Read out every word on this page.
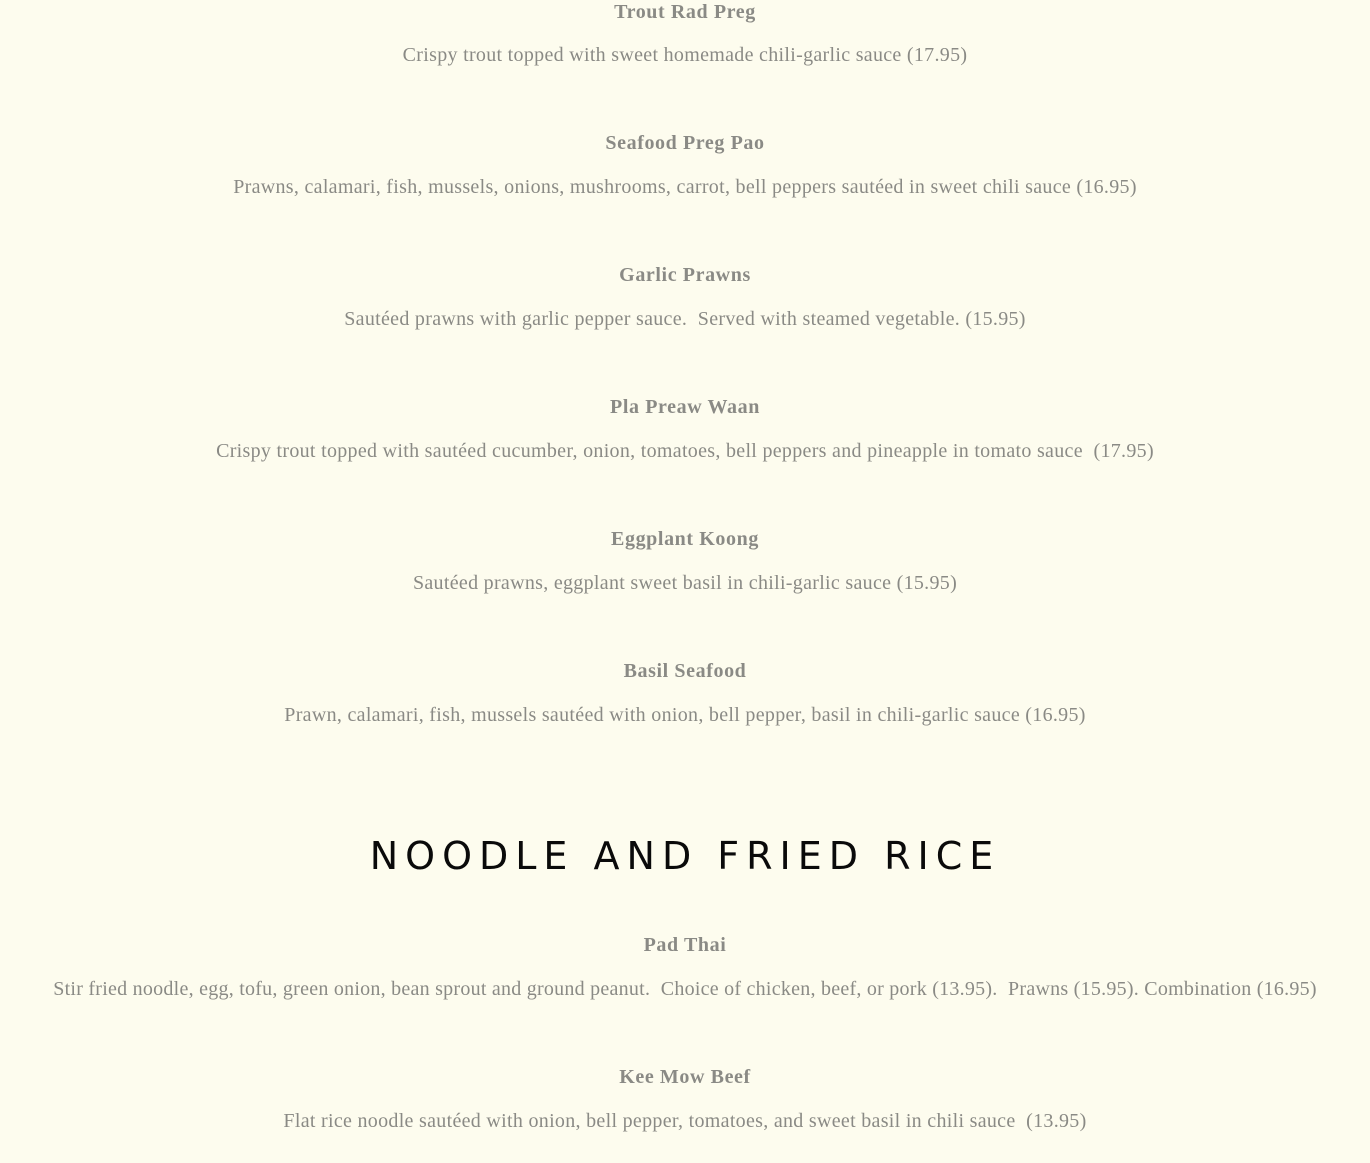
Trout Rad Preg
Crispy trout topped with sweet homemade chili-garlic sauce (17.95)
Seafood Preg Pao
Prawns, calamari, fish, mussels, onions, mushrooms, carrot, bell peppers sautéed in sweet chili sauce (16.95)
Garlic Prawns
Sautéed prawns with garlic pepper sauce.  Served with steamed vegetable. (15.95)
Pla Preaw Waan
Crispy trout topped with sautéed cucumber, onion, tomatoes, bell peppers and pineapple in tomato sauce  (17.95)
Eggplant Koong
Sautéed prawns, eggplant sweet basil in chili-garlic sauce (15.95)
Basil Seafood
Prawn, calamari, fish, mussels sautéed with onion, bell pepper, basil in chili-garlic sauce (16.95)
NOODLE AND FRIED RICE
Pad Thai
Stir fried noodle, egg, tofu, green onion, bean sprout and ground peanut.  Choice of chicken, beef, or pork (13.95).  Prawns (15.95). Combination (16.95)
Kee Mow Beef
Flat rice noodle sautéed with onion, bell pepper, tomatoes, and sweet basil in chili sauce  (13.95)
